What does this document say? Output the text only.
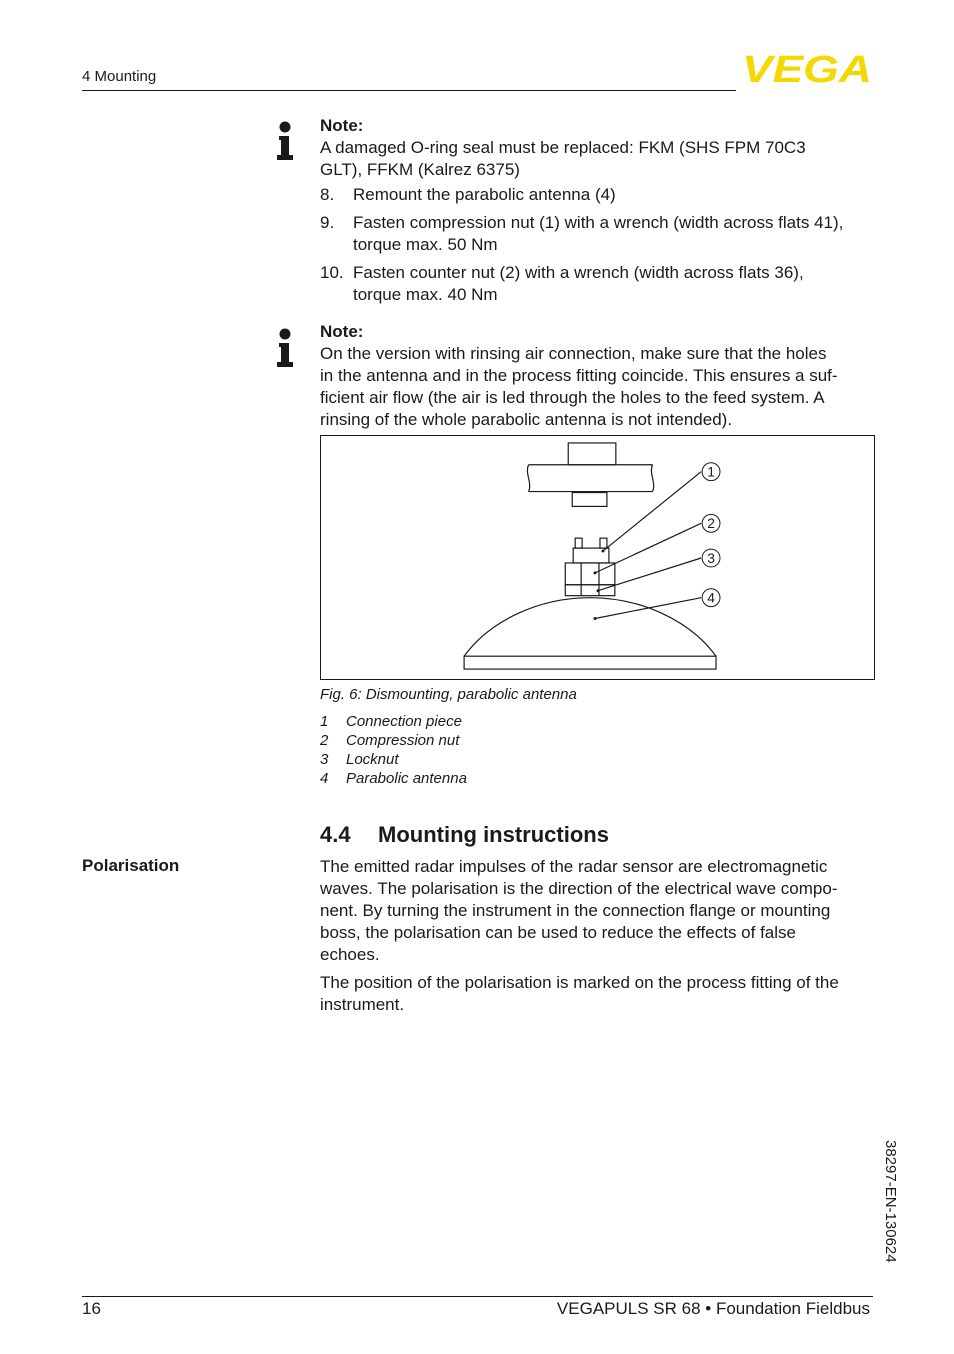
4 Mounting	VEGA
Note:
A damaged O-ring seal must be replaced: FKM (SHS FPM 70C3
GLT), FFKM (Kalrez 6375)
8.	Remount the parabolic antenna (4)
9.	Fasten compression nut (1) with a wrench (width across flats 41),
torque max. 50 Nm
10. Fasten counter nut (2) with a wrench (width across flats 36),
torque max. 40 Nm
Note:
On the version with rinsing air connection, make sure that the holes
in the antenna and in the process fitting coincide. This ensures a suf-
ficient air flow (the air is led through the holes to the feed system. A
rinsing of the whole parabolic antenna is not intended).
1
2
3
4
Fig. 6: Dismounting, parabolic antenna
1	Connection piece
2	Compression nut
3	Locknut
4	Parabolic antenna
4.4	Mounting instructions
Polarisation	The emitted radar impulses of the radar sensor are electromagnetic
waves. The polarisation is the direction of the electrical wave compo-
nent. By turning the instrument in the connection flange or mounting
boss, the polarisation can be used to reduce the effects of false
echoes.
The position of the polarisation is marked on the process fitting of the
instrument.
38297-EN-130624
16	VEGAPULS SR 68 • Foundation Fieldbus
